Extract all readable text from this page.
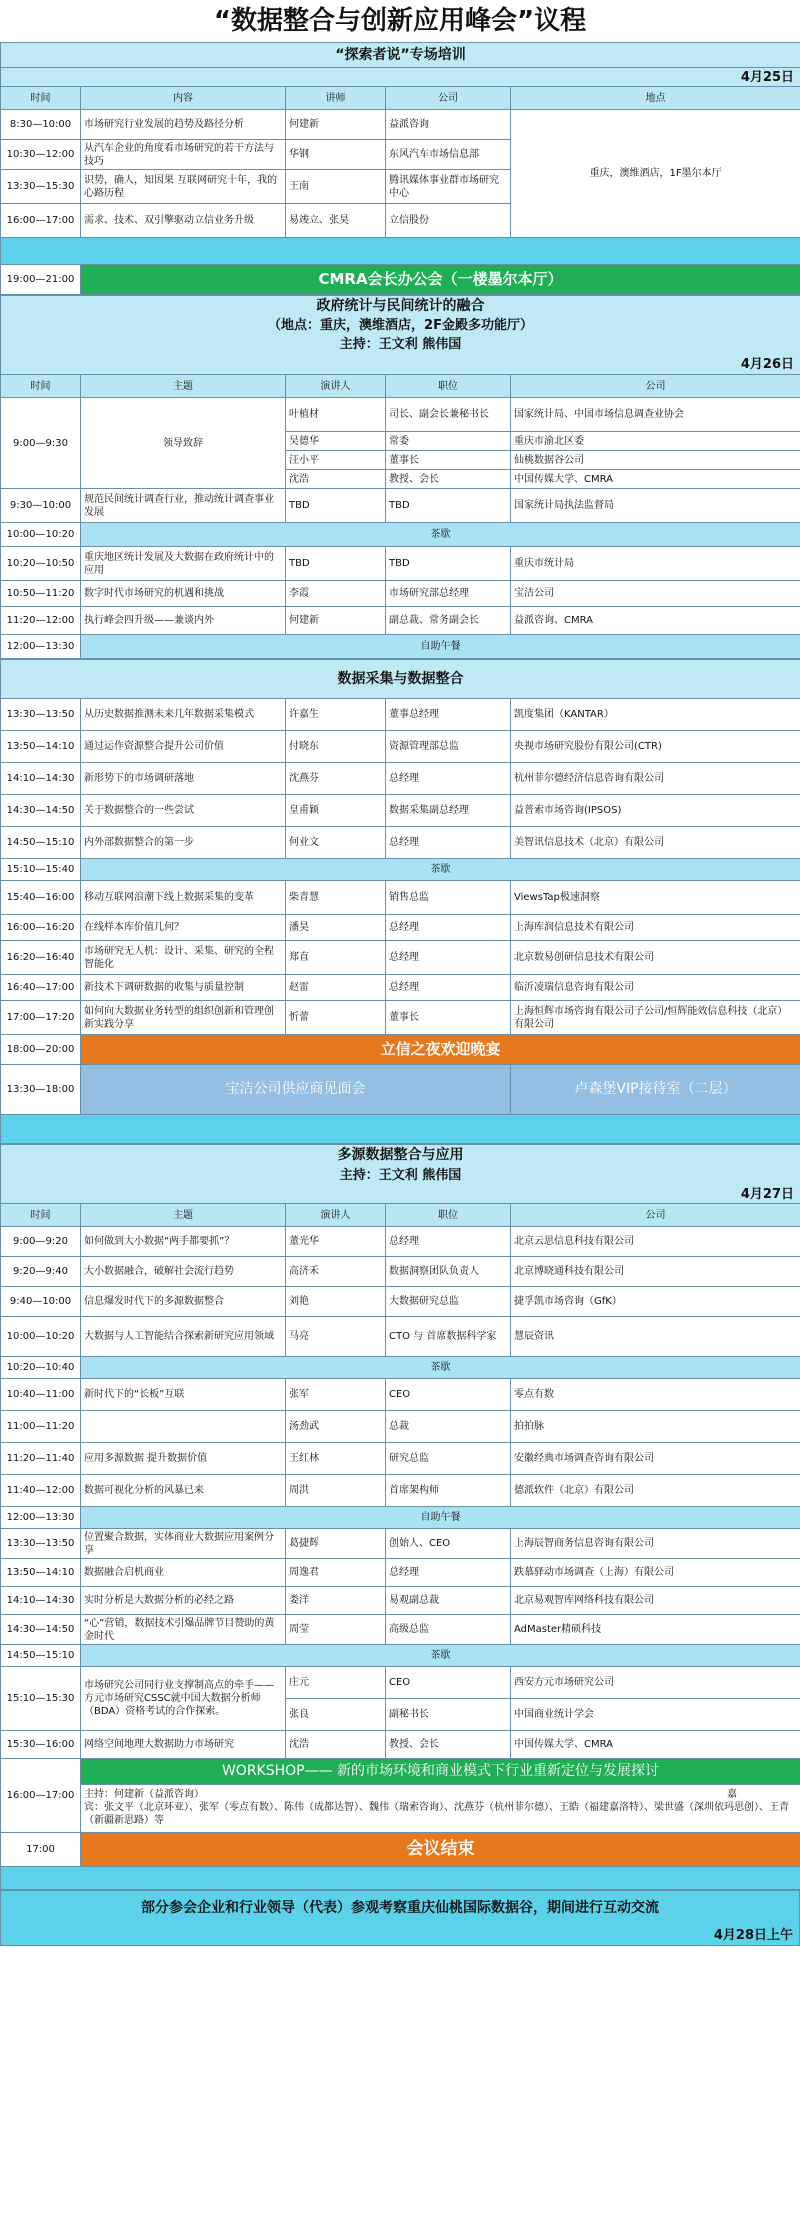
“数据整合与创新应用峰会”议程
“探索者说”专场培训				
4月25日				
时间	内容	讲师	公司	地点
8:30—10:00	市场研究行业发展的趋势及路径分析	何建新	益派咨询	重庆，澳维酒店，1F墨尔本厅
10:30—12:00	从汽车企业的角度看市场研究的若干方法与技巧	华钢	东风汽车市场信息部	
13:30—15:30	识势，确人，知因果 互联网研究十年，我的心路历程	王南	腾讯媒体事业群市场研究中心	
16:00—17:00	需求、技术、双引擎驱动立信业务升级	易竣立、张昊	立信股份	

19:00—21:00	CMRA会长办公会（一楼墨尔本厅）			
政府统计与民间统计的融合				
（地点：重庆，澳维酒店，2F金殿多功能厅）				
主持：王文利 熊伟国				
4月26日				
时间	主题	演讲人	职位	公司
9:00—9:30	领导致辞	叶植材	司长、副会长兼秘书长	国家统计局、中国市场信息调查业协会
		吴德华	常委	重庆市渝北区委
		汪小平	董事长	仙桃数据谷公司
		沈浩	教授、会长	中国传媒大学、CMRA
9:30—10:00	规范民间统计调查行业，推动统计调查事业发展	TBD	TBD	国家统计局执法监督局
10:00—10:20	茶歇			
10:20—10:50	重庆地区统计发展及大数据在政府统计中的应用	TBD	TBD	重庆市统计局
10:50—11:20	数字时代市场研究的机遇和挑战	李霞	市场研究部总经理	宝洁公司
11:20—12:00	执行峰会四升级——兼谈内外	何建新	副总裁、常务副会长	益派咨询、CMRA
12:00—13:30	自助午餐			
数据采集与数据整合				
13:30—13:50	从历史数据推测未来几年数据采集模式	许嘉生	董事总经理	凯度集团（KANTAR）
13:50—14:10	通过运作资源整合提升公司价值	付晓东	资源管理部总监	央视市场研究股份有限公司(CTR)
14:10—14:30	新形势下的市场调研落地	沈燕芬	总经理	杭州菲尔德经济信息咨询有限公司
14:30—14:50	关于数据整合的一些尝试	皇甫颖	数据采集副总经理	益普索市场咨询(IPSOS)
14:50—15:10	内外部数据整合的第一步	何业文	总经理	美智讯信息技术（北京）有限公司
15:10—15:40	茶歇			
15:40—16:00	移动互联网浪潮下线上数据采集的变革	柴青慧	销售总监	ViewsTap极速洞察
16:00—16:20	在线样本库价值几何？	潘昊	总经理	上海库润信息技术有限公司
16:20—16:40	市场研究无人机：设计、采集、研究的全程智能化	郑直	总经理	北京数易创研信息技术有限公司
16:40—17:00	新技术下调研数据的收集与质量控制	赵雷	总经理	临沂凌瑞信息咨询有限公司
17:00—17:20	如何向大数据业务转型的组织创新和管理创新实践分享	忻蕾	董事长	上海恒辉市场咨询有限公司子公司/恒辉能效信息科技（北京）有限公司
18:00—20:00	立信之夜欢迎晚宴			
13:30—18:00	宝洁公司供应商见面会			卢森堡VIP接待室（二层）

多源数据整合与应用				
主持：王文利 熊伟国				
4月27日				
时间	主题	演讲人	职位	公司
9:00—9:20	如何做到大小数据“两手都要抓”？	董光华	总经理	北京云思信息科技有限公司
9:20—9:40	大小数据融合，破解社会流行趋势	高济禾	数据洞察团队负责人	北京博晓通科技有限公司
9:40—10:00	信息爆发时代下的多源数据整合	刘艳	大数据研究总监	捷孚凯市场咨询（GfK）
10:00—10:20	大数据与人工智能结合探索新研究应用领域	马亮	CTO 与 首席数据科学家	慧辰资讯
10:20—10:40	茶歇			
10:40—11:00	新时代下的“长板”互联	张军	CEO	零点有数
11:00—11:20		汤劲武	总裁	拍拍脉
11:20—11:40	应用多源数据 提升数据价值	王红林	研究总监	安徽经典市场调查咨询有限公司
11:40—12:00	数据可视化分析的风暴已来	周洪	首席架构师	德派软件（北京）有限公司
12:00—13:30	自助午餐			
13:30—13:50	位置聚合数据，实体商业大数据应用案例分享	葛捷辉	创始人、CEO	上海辰智商务信息咨询有限公司
13:50—14:10	数据融合启机商业	周逸君	总经理	跌慕驿动市场调查（上海）有限公司
14:10—14:30	实时分析是大数据分析的必经之路	娄洋	易观副总裁	北京易观智库网络科技有限公司
14:30—14:50	“心”营销，数据技术引爆品牌节目赞助的黄金时代	周莹	高级总监	AdMaster精硕科技
14:50—15:10	茶歇			
15:10—15:30	市场研究公司同行业支撑制高点的牵手——方元市场研究CSSC就中国大数据分析师（BDA）资格考试的合作探索。	庄元	CEO	西安方元市场研究公司
		张良	副秘书长	中国商业统计学会
15:30—16:00	网络空间地理大数据助力市场研究	沈浩	教授、会长	中国传媒大学、CMRA
16:00—17:00	WORKSHOP—— 新的市场环境和商业模式下行业重新定位与发展探讨			

	主持：何建新（益派咨询） 嘉
宾：张文平（北京环亚）、张军（零点有数）、陈伟（成都达智）、魏伟（瑞索咨询）、沈燕芬（杭州菲尔德）、王皓（福建嘉洛特）、梁世盛（深圳依玛思创）、王青（新疆新思路）等			

17:00	会议结束			

部分参会企业和行业领导（代表）参观考察重庆仙桃国际数据谷，期间进行互动交流
4月28日上午
